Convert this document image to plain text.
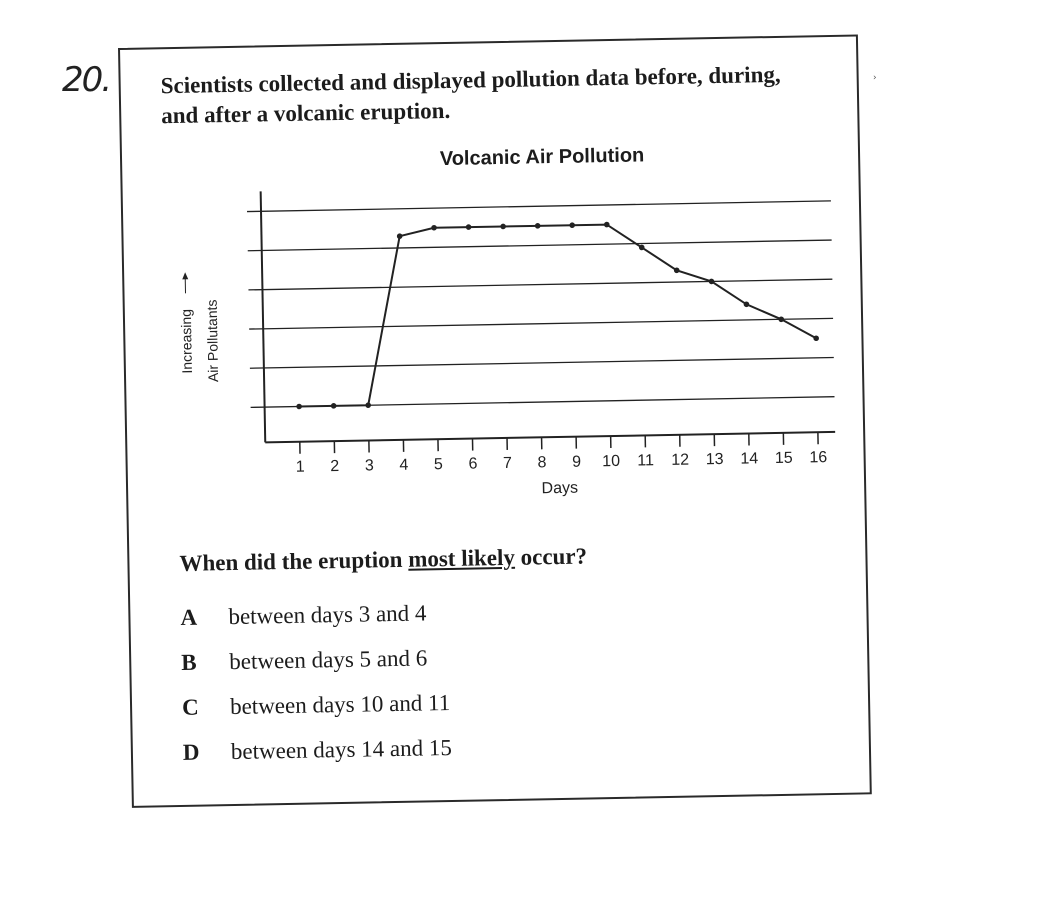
20.	›
Scientists collected and displayed pollution data before, during, and after a volcanic eruption.
Volcanic Air Pollution
1 2 3 4 5 6 7 8 9 10 11 12 13 14 15 16
Days
Increasing Air Pollutants
When did the eruption most likely occur?
A between days 3 and 4
B between days 5 and 6
C between days 10 and 11
D between days 14 and 15
